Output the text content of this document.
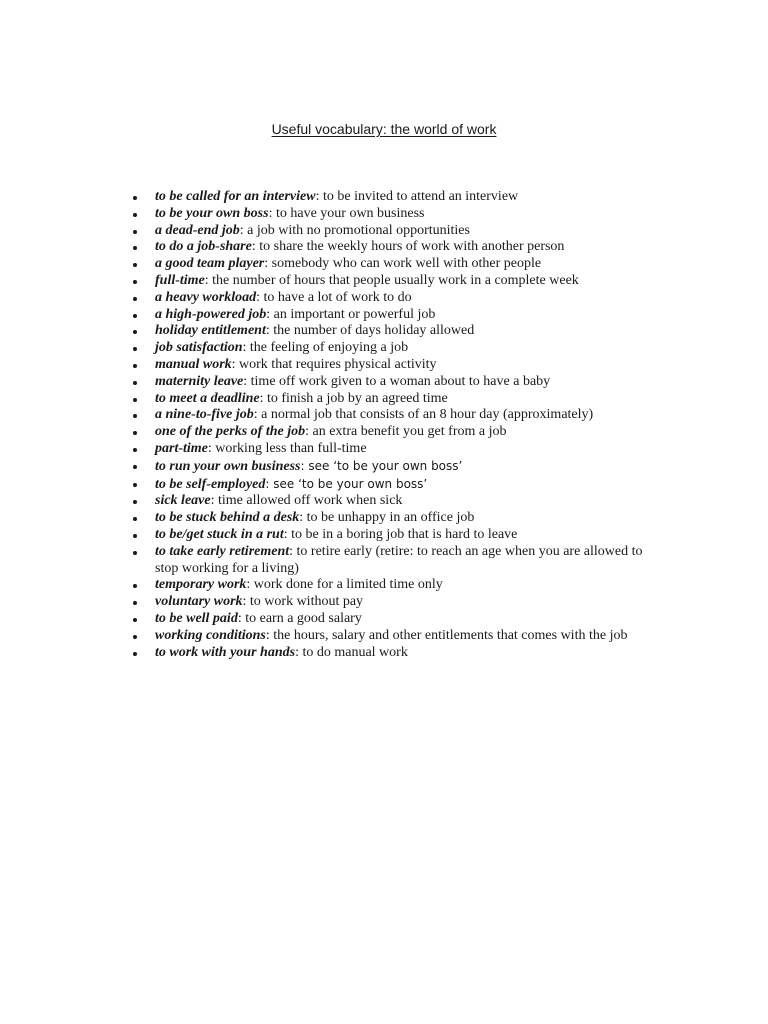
Useful vocabulary: the world of work
to be called for an interview: to be invited to attend an interview
to be your own boss: to have your own business
a dead-end job: a job with no promotional opportunities
to do a job-share: to share the weekly hours of work with another person
a good team player: somebody who can work well with other people
full-time: the number of hours that people usually work in a complete week
a heavy workload: to have a lot of work to do
a high-powered job: an important or powerful job
holiday entitlement: the number of days holiday allowed
job satisfaction: the feeling of enjoying a job
manual work: work that requires physical activity
maternity leave: time off work given to a woman about to have a baby
to meet a deadline: to finish a job by an agreed time
a nine-to-five job: a normal job that consists of an 8 hour day (approximately)
one of the perks of the job: an extra benefit you get from a job
part-time: working less than full-time
to run your own business: see ‘to be your own boss’
to be self-employed: see ‘to be your own boss’
sick leave: time allowed off work when sick
to be stuck behind a desk: to be unhappy in an office job
to be/get stuck in a rut: to be in a boring job that is hard to leave
to take early retirement: to retire early (retire: to reach an age when you are allowed to stop working for a living)
temporary work: work done for a limited time only
voluntary work: to work without pay
to be well paid: to earn a good salary
working conditions: the hours, salary and other entitlements that comes with the job
to work with your hands: to do manual work
